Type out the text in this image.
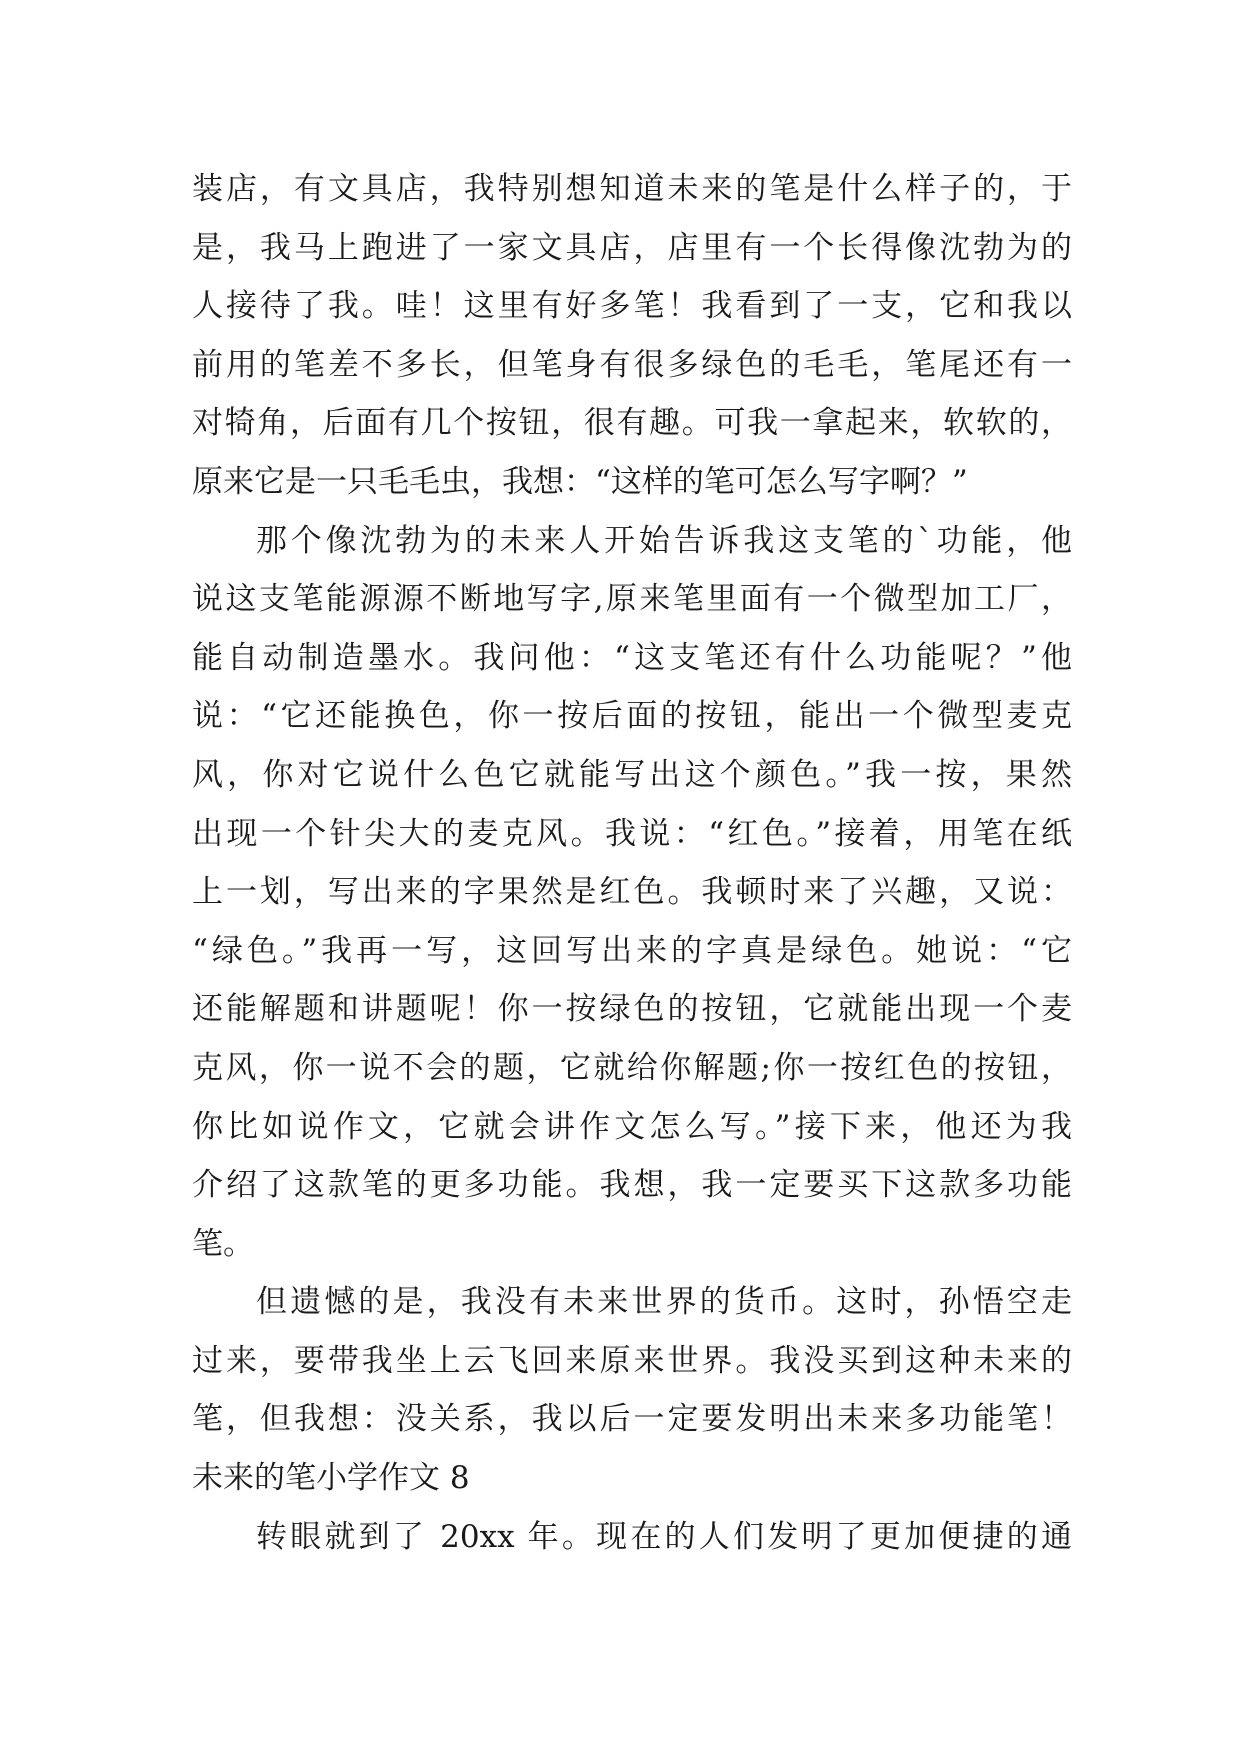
装店，有文具店，我特别想知道未来的笔是什么样子的，于
是，我马上跑进了一家文具店，店里有一个长得像沈勃为的
人接待了我。哇！这里有好多笔！我看到了一支，它和我以
前用的笔差不多长，但笔身有很多绿色的毛毛，笔尾还有一
对犄角，后面有几个按钮，很有趣。可我一拿起来，软软的，
原来它是一只毛毛虫，我想：“这样的笔可怎么写字啊？”
那个像沈勃为的未来人开始告诉我这支笔的`功能，他
说这支笔能源源不断地写字,原来笔里面有一个微型加工厂，
能自动制造墨水。我问他：“这支笔还有什么功能呢？”他
说：“它还能换色，你一按后面的按钮，能出一个微型麦克
风，你对它说什么色它就能写出这个颜色。”我一按，果然
出现一个针尖大的麦克风。我说：“红色。”接着，用笔在纸
上一划，写出来的字果然是红色。我顿时来了兴趣，又说：
“绿色。”我再一写，这回写出来的字真是绿色。她说：“它
还能解题和讲题呢！你一按绿色的按钮，它就能出现一个麦
克风，你一说不会的题，它就给你解题;你一按红色的按钮，
你比如说作文，它就会讲作文怎么写。”接下来，他还为我
介绍了这款笔的更多功能。我想，我一定要买下这款多功能
笔。
但遗憾的是，我没有未来世界的货币。这时，孙悟空走
过来，要带我坐上云飞回来原来世界。我没买到这种未来的
笔，但我想：没关系，我以后一定要发明出未来多功能笔！
未来的笔小学作文 8
转眼就到了 20xx 年。现在的人们发明了更加便捷的通
